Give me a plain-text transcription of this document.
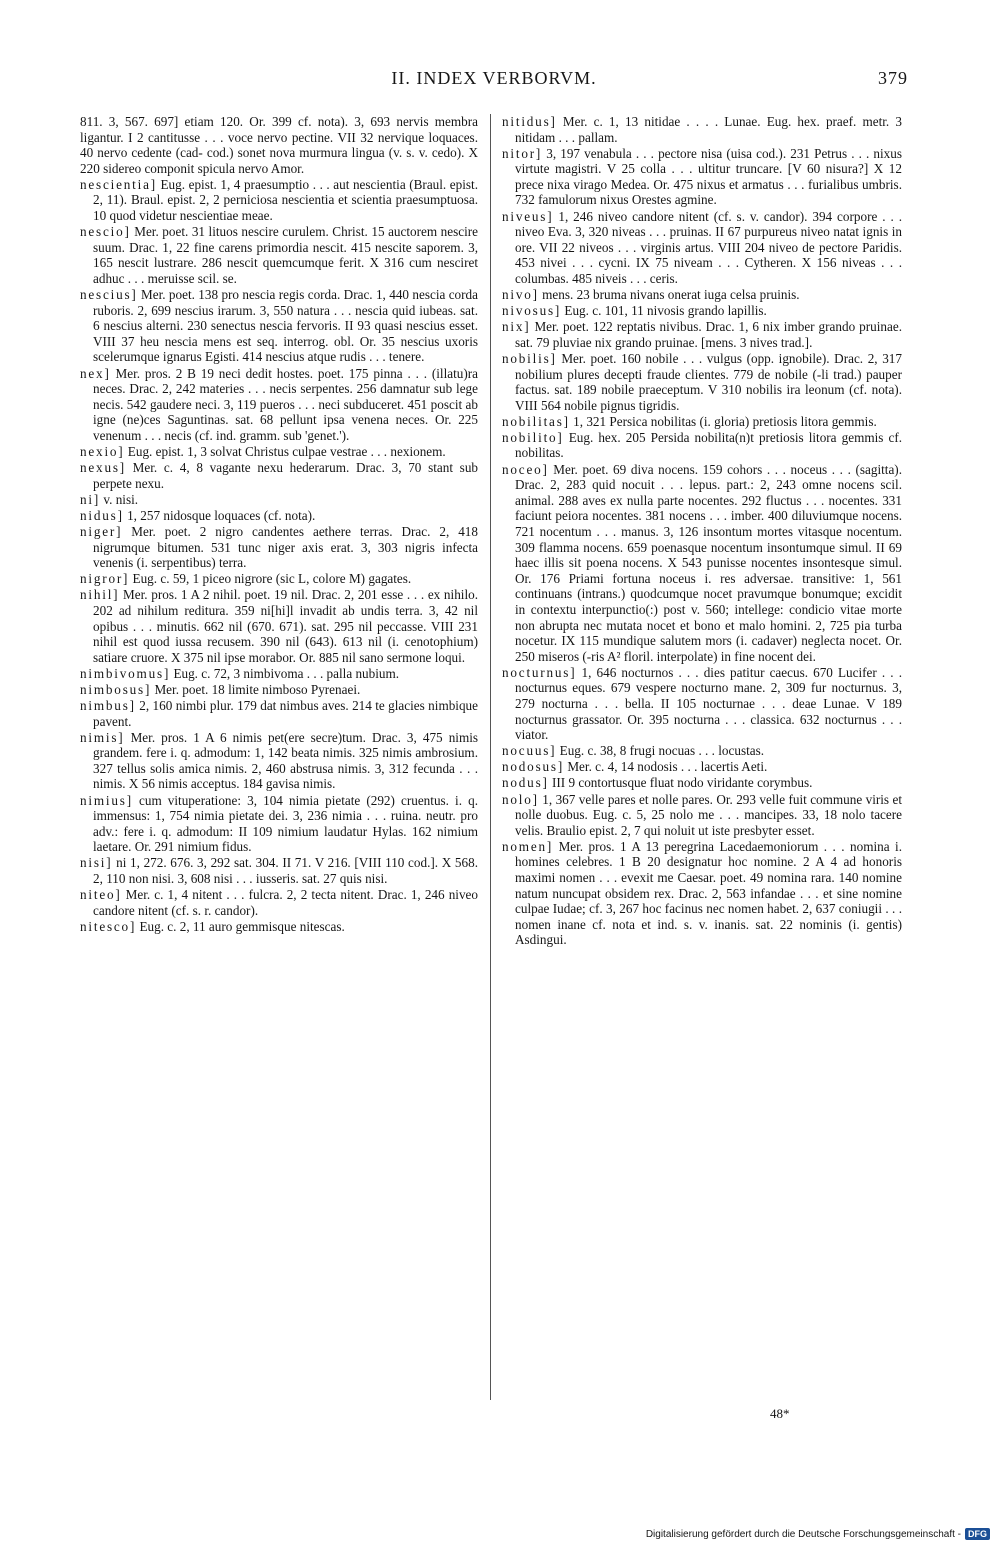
II. INDEX VERBORVM.	379

811. 3, 567. 697] etiam 120. Or. 399 cf. nota). 3, 693 nervis membra ligantur. I 2 cantitusse . . . voce nervo pectine. VII 32 nervique loquaces. 40 nervo cedente (cad- cod.) sonet nova murmura lingua (v. s. v. cedo). X 220 sidereo componit spicula nervo Amor.

nescientia] Eug. epist. 1, 4 praesumptio . . . aut nescientia (Braul. epist. 2, 11). Braul. epist. 2, 2 perniciosa nescientia et scientia praesumptuosa. 10 quod videtur nescientiae meae.

nescio] Mer. poet. 31 lituos nescire curulem. Christ. 15 auctorem nescire suum. Drac. 1, 22 fine carens primordia nescit. 415 nescite saporem. 3, 165 nescit lustrare. 286 nescit quemcumque ferit. X 316 cum nesciret adhuc . . . meruisse scil. se.

nescius] Mer. poet. 138 pro nescia regis corda. Drac. 1, 440 nescia corda ruboris. 2, 699 nescius irarum. 3, 550 natura . . . nescia quid iubeas. sat. 6 nescius alterni. 230 senectus nescia fervoris. II 93 quasi nescius esset. VIII 37 heu nescia mens est seq. interrog. obl. Or. 35 nescius uxoris scelerumque ignarus Egisti. 414 nescius atque rudis . . . tenere.

nex] Mer. pros. 2 B 19 neci dedit hostes. poet. 175 pinna . . . (illatu)ra neces. Drac. 2, 242 materies . . . necis serpentes. 256 damnatur sub lege necis. 542 gaudere neci. 3, 119 pueros . . . neci subduceret. 451 poscit ab igne (ne)ces Saguntinas. sat. 68 pellunt ipsa venena neces. Or. 225 venenum . . . necis (cf. ind. gramm. sub 'genet.').

nexio] Eug. epist. 1, 3 solvat Christus culpae vestrae . . . nexionem.

nexus] Mer. c. 4, 8 vagante nexu hederarum. Drac. 3, 70 stant sub perpete nexu.

ni] v. nisi.

nidus] 1, 257 nidosque loquaces (cf. nota).

niger] Mer. poet. 2 nigro candentes aethere terras. Drac. 2, 418 nigrumque bitumen. 531 tunc niger axis erat. 3, 303 nigris infecta venenis (i. serpentibus) terra.

nigror] Eug. c. 59, 1 piceo nigrore (sic L, colore M) gagates.

nihil] Mer. pros. 1 A 2 nihil. poet. 19 nil. Drac. 2, 201 esse . . . ex nihilo. 202 ad nihilum reditura. 359 ni[hi]l invadit ab undis terra. 3, 42 nil opibus . . . minutis. 662 nil (670. 671). sat. 295 nil peccasse. VIII 231 nihil est quod iussa recusem. 390 nil (643). 613 nil (i. cenotophium) satiare cruore. X 375 nil ipse morabor. Or. 885 nil sano sermone loqui.

nimbivomus] Eug. c. 72, 3 nimbivoma . . . palla nubium.

nimbosus] Mer. poet. 18 limite nimboso Pyrenaei.

nimbus] 2, 160 nimbi plur. 179 dat nimbus aves. 214 te glacies nimbique pavent.

nimis] Mer. pros. 1 A 6 nimis pet(ere secre)tum. Drac. 3, 475 nimis grandem. fere i. q. admodum: 1, 142 beata nimis. 325 nimis ambrosium. 327 tellus solis amica nimis. 2, 460 abstrusa nimis. 3, 312 fecunda . . . nimis. X 56 nimis acceptus. 184 gavisa nimis.

nimius] cum vituperatione: 3, 104 nimia pietate (292) cruentus. i. q. immensus: 1, 754 nimia pietate dei. 3, 236 nimia . . . ruina. neutr. pro adv.: fere i. q. admodum: II 109 nimium laudatur Hylas. 162 nimium laetare. Or. 291 nimium fidus.

nisi] ni 1, 272. 676. 3, 292 sat. 304. II 71. V 216. [VIII 110 cod.]. X 568. 2, 110 non nisi. 3, 608 nisi . . . iusseris. sat. 27 quis nisi.

niteo] Mer. c. 1, 4 nitent . . . fulcra. 2, 2 tecta nitent. Drac. 1, 246 niveo candore nitent (cf. s. r. candor).

nitesco] Eug. c. 2, 11 auro gemmisque nitescas.

nitidus] Mer. c. 1, 13 nitidae . . . . Lunae. Eug. hex. praef. metr. 3 nitidam . . . pallam.

nitor] 3, 197 venabula . . . pectore nisa (uisa cod.). 231 Petrus . . . nixus virtute magistri. V 25 colla . . . ultitur truncare. [V 60 nisura?] X 12 prece nixa virago Medea. Or. 475 nixus et armatus . . . furialibus umbris. 732 famulorum nixus Orestes agmine.

niveus] 1, 246 niveo candore nitent (cf. s. v. candor). 394 corpore . . . niveo Eva. 3, 320 niveas . . . pruinas. II 67 purpureus niveo natat ignis in ore. VII 22 niveos . . . virginis artus. VIII 204 niveo de pectore Paridis. 453 nivei . . . cycni. IX 75 niveam . . . Cytheren. X 156 niveas . . . columbas. 485 niveis . . . ceris.

nivo] mens. 23 bruma nivans onerat iuga celsa pruinis.

nivosus] Eug. c. 101, 11 nivosis grando lapillis.

nix] Mer. poet. 122 reptatis nivibus. Drac. 1, 6 nix imber grando pruinae. sat. 79 pluviae nix grando pruinae. [mens. 3 nives trad.].

nobilis] Mer. poet. 160 nobile . . . vulgus (opp. ignobile). Drac. 2, 317 nobilium plures decepti fraude clientes. 779 de nobile (-li trad.) pauper factus. sat. 189 nobile praeceptum. V 310 nobilis ira leonum (cf. nota). VIII 564 nobile pignus tigridis.

nobilitas] 1, 321 Persica nobilitas (i. gloria) pretiosis litora gemmis.

nobilito] Eug. hex. 205 Persida nobilita(n)t pretiosis litora gemmis cf. nobilitas.

noceo] Mer. poet. 69 diva nocens. 159 cohors . . . noceus . . . (sagitta). Drac. 2, 283 quid nocuit . . . lepus. part.: 2, 243 omne nocens scil. animal. 288 aves ex nulla parte nocentes. 292 fluctus . . . nocentes. 331 faciunt peiora nocentes. 381 nocens . . . imber. 400 diluviumque nocens. 721 nocentum . . . manus. 3, 126 insontum mortes vitasque nocentum. 309 flamma nocens. 659 poenasque nocentum insontumque simul. II 69 haec illis sit poena nocens. X 543 punisse nocentes insontesque simul. Or. 176 Priami fortuna noceus i. res adversae. transitive: 1, 561 continuans (intrans.) quodcumque nocet pravumque bonumque; excidit in contextu interpunctio(:) post v. 560; intellege: condicio vitae morte non abrupta nec mutata nocet et bono et malo homini. 2, 725 pia turba nocetur. IX 115 mundique salutem mors (i. cadaver) neglecta nocet. Or. 250 miseros (-ris A² floril. interpolate) in fine nocent dei.

nocturnus] 1, 646 nocturnos . . . dies patitur caecus. 670 Lucifer . . . nocturnus eques. 679 vespere nocturno mane. 2, 309 fur nocturnus. 3, 279 nocturna . . . bella. II 105 nocturnae . . . deae Lunae. V 189 nocturnus grassator. Or. 395 nocturna . . . classica. 632 nocturnus . . . viator.

nocuus] Eug. c. 38, 8 frugi nocuas . . . locustas.

nodosus] Mer. c. 4, 14 nodosis . . . lacertis Aeti.

nodus] III 9 contortusque fluat nodo viridante corymbus.

nolo] 1, 367 velle pares et nolle pares. Or. 293 velle fuit commune viris et nolle duobus. Eug. c. 5, 25 nolo me . . . mancipes. 33, 18 nolo tacere velis. Braulio epist. 2, 7 qui noluit ut iste presbyter esset.

nomen] Mer. pros. 1 A 13 peregrina Lacedaemoniorum . . . nomina i. homines celebres. 1 B 20 designatur hoc nomine. 2 A 4 ad honoris maximi nomen . . . evexit me Caesar. poet. 49 nomina rara. 140 nomine natum nuncupat obsidem rex. Drac. 2, 563 infandae . . . et sine nomine culpae Iudae; cf. 3, 267 hoc facinus nec nomen habet. 2, 637 coniugii . . . nomen inane cf. nota et ind. s. v. inanis. sat. 22 nominis (i. gentis) Asdingui.

48*
Digitalisierung gefördert durch die Deutsche Forschungsgemeinschaft - DFG
